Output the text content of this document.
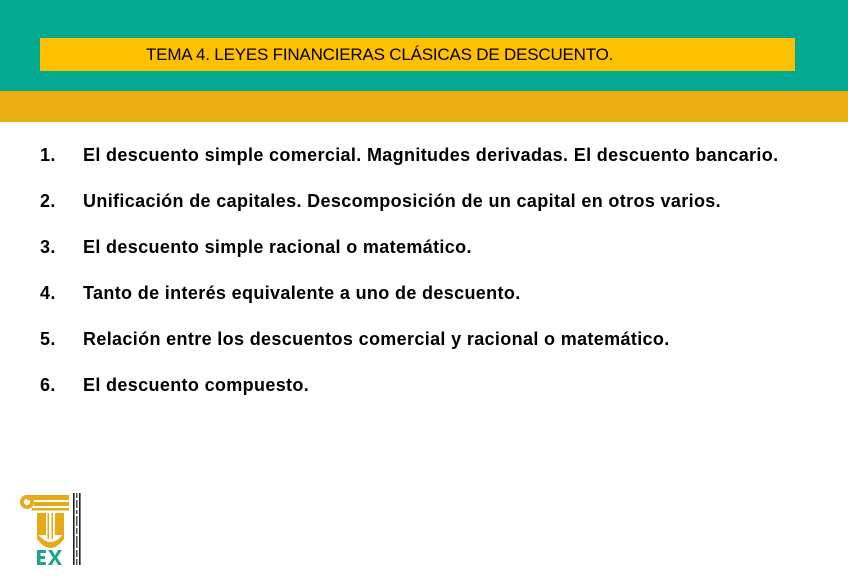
TEMA 4. LEYES FINANCIERAS CLÁSICAS DE DESCUENTO.
1. El descuento simple comercial. Magnitudes derivadas. El descuento bancario.
2. Unificación de capitales. Descomposición de un capital en otros varios.
3. El descuento simple racional o matemático.
4. Tanto de interés equivalente a uno de descuento.
5. Relación entre los descuentos comercial y racional o matemático.
6. El descuento compuesto.
